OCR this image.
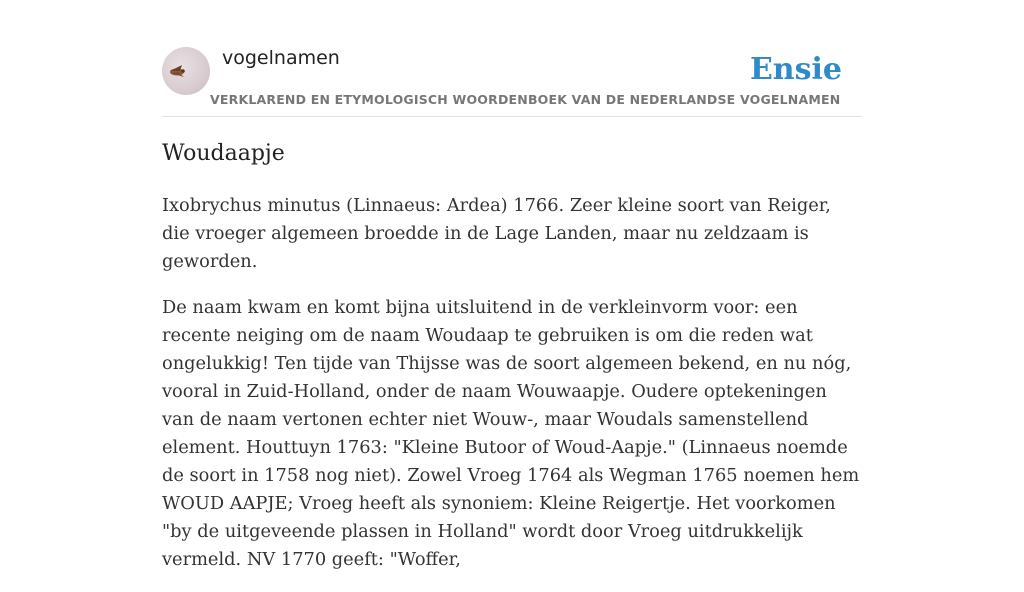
vogelnamen	Ensie
VERKLAREND EN ETYMOLOGISCH WOORDENBOEK VAN DE NEDERLANDSE VOGELNAMEN
Woudaapje

Ixobrychus minutus (Linnaeus: Ardea) 1766. Zeer kleine soort van Reiger, die vroeger algemeen broedde in de Lage Landen, maar nu zeldzaam is geworden.

De naam kwam en komt bijna uitsluitend in de verkleinvorm voor: een recente neiging om de naam Woudaap te gebruiken is om die reden wat ongelukkig! Ten tijde van Thijsse was de soort algemeen bekend, en nu nóg, vooral in Zuid-Holland, onder de naam Wouwaapje. Oudere optekeningen van de naam vertonen echter niet Wouw-, maar Woudals samenstellend element. Houttuyn 1763: "Kleine Butoor of Woud-Aapje." (Linnaeus noemde de soort in 1758 nog niet). Zowel Vroeg 1764 als Wegman 1765 noemen hem WOUD AAPJE; Vroeg heeft als synoniem: Kleine Reigertje. Het voorkomen "by de uitgeveende plassen in Holland" wordt door Vroeg uitdrukkelijk vermeld. NV 1770 geeft: "Woffer,
